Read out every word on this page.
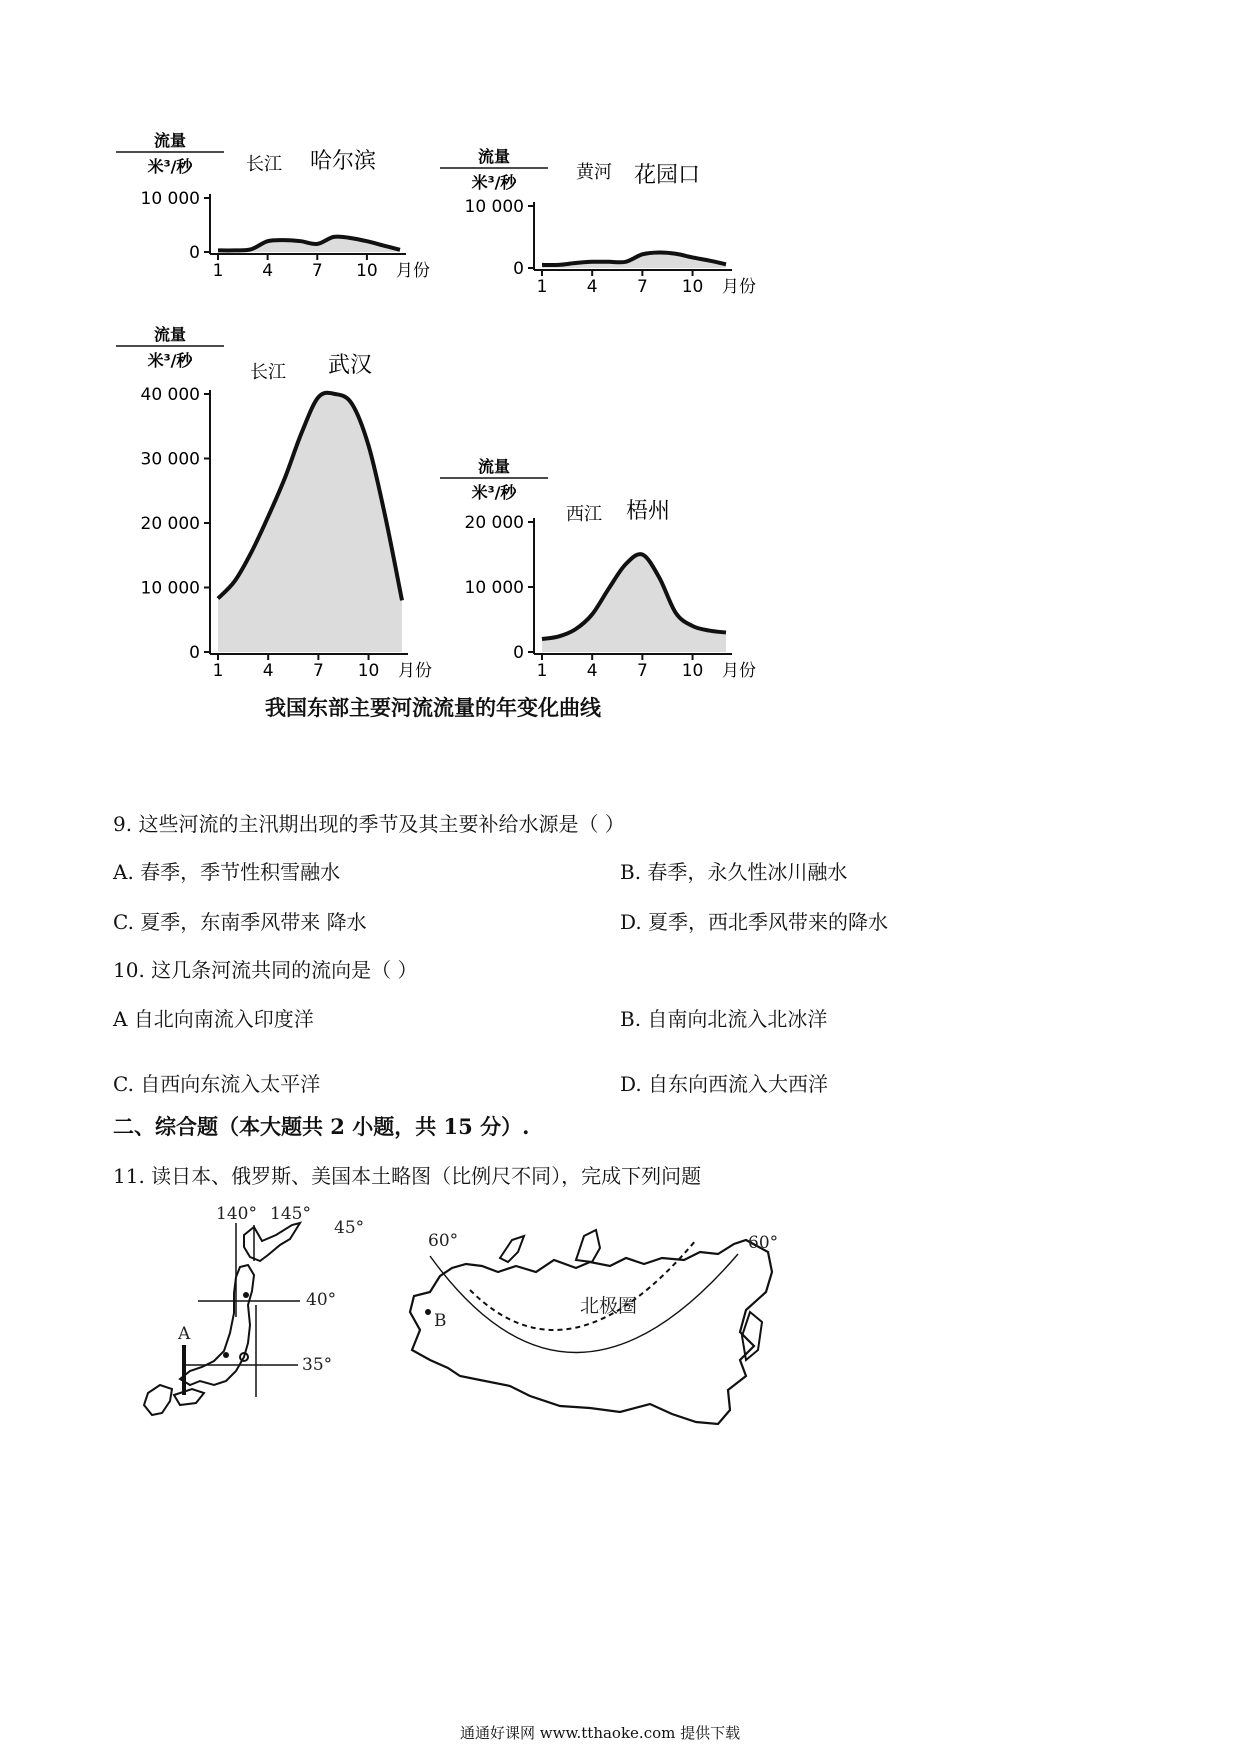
10 000
0
1 4 7 10 月份
流量
米³/秒	长江 哈尔滨
10 000
0
1 4 7 10 月份
流量
米³/秒	黄河 花园口
40 000
30 000
20 000
10 000
0
1 4 7 10 月份
流量
米³/秒
长江 武汉
20 000
10 000
0
1 4 7 10 月份
流量
米³/秒
西江 梧州
我国东部主要河流流量的年变化曲线
9. 这些河流的主汛期出现的季节及其主要补给水源是（ ）
A. 春季，季节性积雪融水	B. 春季，永久性冰川融水
C. 夏季，东南季风带来 降水	D. 夏季，西北季风带来的降水
10. 这几条河流共同的流向是（ ）
A 自北向南流入印度洋	B. 自南向北流入北冰洋
C. 自西向东流入太平洋	D. 自东向西流入大西洋
二、综合题（本大题共 2 小题，共 15 分）.
11. 读日本、俄罗斯、美国本土略图（比例尺不同），完成下列问题
140° 145°
45°
40°
35°
A
60°	60°
北极圈
B
通通好课网 www.tthaoke.com 提供下载
